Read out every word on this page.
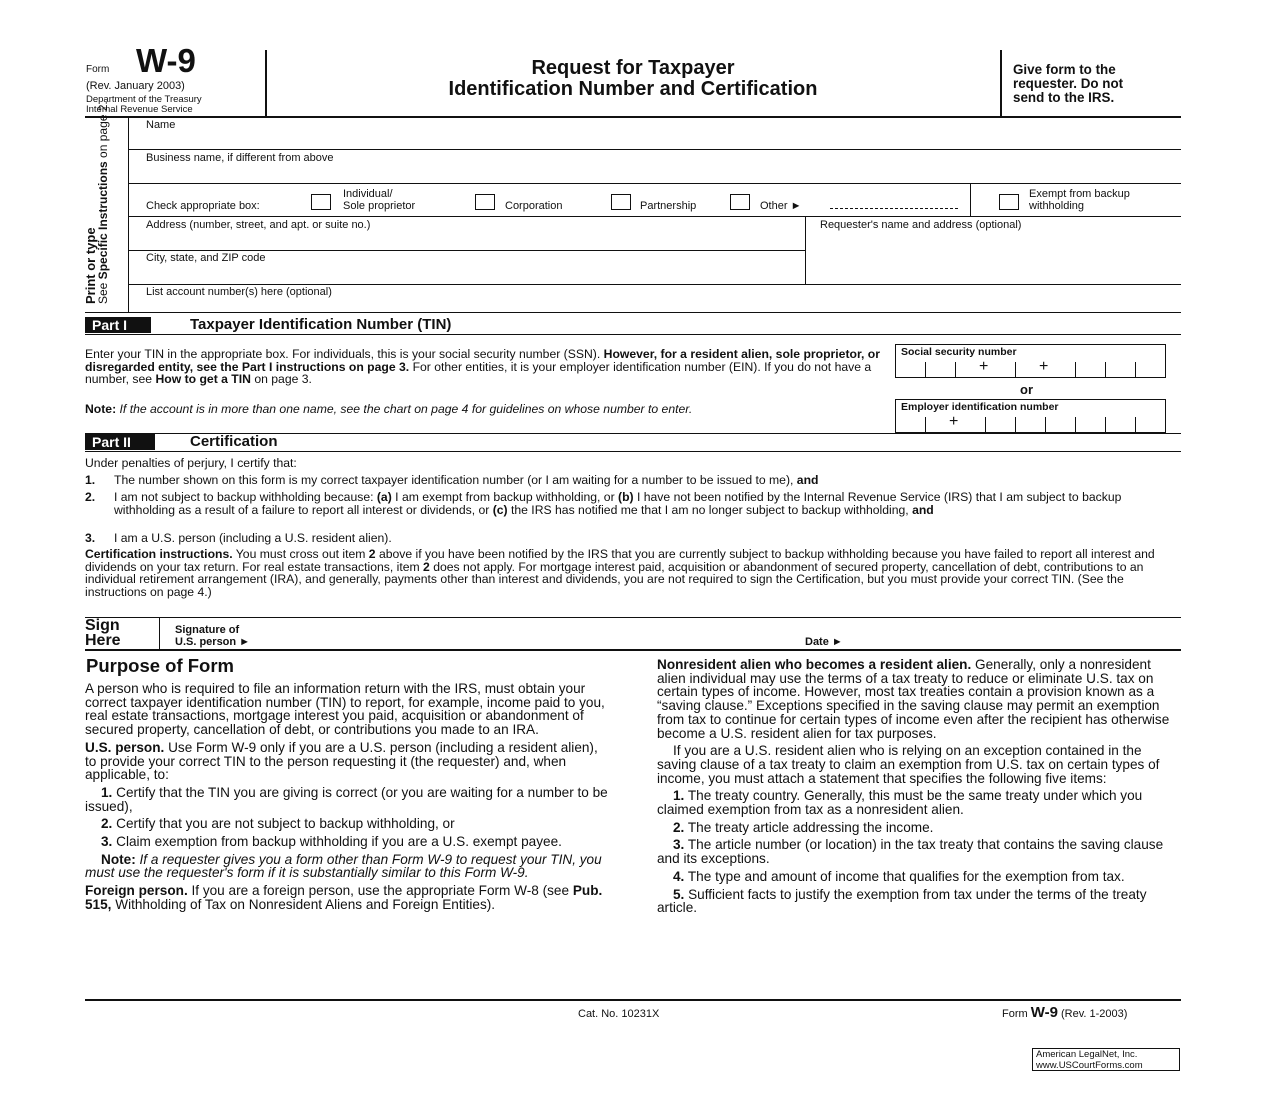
Form W-9
(Rev. January 2003)
Department of the Treasury
Internal Revenue Service
Request for Taxpayer
Identification Number and Certification
Give form to the
requester. Do not
send to the IRS.
Print or type
See Specific Instructions on page 2.	Name
Business name, if different from above
Check appropriate box:
Individual/
Sole proprietor	Corporation	Partnership	Other ►
Exempt from backup
withholding
Address (number, street, and apt. or suite no.)	Requester's name and address (optional)
City, state, and ZIP code
List account number(s) here (optional)
Part I	Taxpayer Identification Number (TIN)
Enter your TIN in the appropriate box. For individuals, this is your social security number (SSN). However, for a resident alien, sole proprietor, or disregarded entity, see the Part I instructions on page 3. For other entities, it is your employer identification number (EIN). If you do not have a number, see How to get a TIN on page 3.
Note: If the account is in more than one name, see the chart on page 4 for guidelines on whose number to enter.
Social security number
+	+
or
Employer identification number
+
Part II	Certification
Under penalties of perjury, I certify that:
1.	The number shown on this form is my correct taxpayer identification number (or I am waiting for a number to be issued to me), and
2.	I am not subject to backup withholding because: (a) I am exempt from backup withholding, or (b) I have not been notified by the Internal Revenue Service (IRS) that I am subject to backup withholding as a result of a failure to report all interest or dividends, or (c) the IRS has notified me that I am no longer subject to backup withholding, and
3.	I am a U.S. person (including a U.S. resident alien).
Certification instructions. You must cross out item 2 above if you have been notified by the IRS that you are currently subject to backup withholding because you have failed to report all interest and dividends on your tax return. For real estate transactions, item 2 does not apply. For mortgage interest paid, acquisition or abandonment of secured property, cancellation of debt, contributions to an individual retirement arrangement (IRA), and generally, payments other than interest and dividends, you are not required to sign the Certification, but you must provide your correct TIN. (See the instructions on page 4.)
Sign
Here
Signature of
U.S. person ►	Date ►
Purpose of Form

A person who is required to file an information return with the IRS, must obtain your correct taxpayer identification number (TIN) to report, for example, income paid to you, real estate transactions, mortgage interest you paid, acquisition or abandonment of secured property, cancellation of debt, or contributions you made to an IRA.

U.S. person. Use Form W-9 only if you are a U.S. person (including a resident alien), to provide your correct TIN to the person requesting it (the requester) and, when applicable, to:

1. Certify that the TIN you are giving is correct (or you are waiting for a number to be issued),

2. Certify that you are not subject to backup withholding, or

3. Claim exemption from backup withholding if you are a U.S. exempt payee.

Note: If a requester gives you a form other than Form W-9 to request your TIN, you must use the requester's form if it is substantially similar to this Form W-9.

Foreign person. If you are a foreign person, use the appropriate Form W-8 (see Pub. 515, Withholding of Tax on Nonresident Aliens and Foreign Entities).

Nonresident alien who becomes a resident alien. Generally, only a nonresident alien individual may use the terms of a tax treaty to reduce or eliminate U.S. tax on certain types of income. However, most tax treaties contain a provision known as a “saving clause.” Exceptions specified in the saving clause may permit an exemption from tax to continue for certain types of income even after the recipient has otherwise become a U.S. resident alien for tax purposes.

If you are a U.S. resident alien who is relying on an exception contained in the saving clause of a tax treaty to claim an exemption from U.S. tax on certain types of income, you must attach a statement that specifies the following five items:

1. The treaty country. Generally, this must be the same treaty under which you claimed exemption from tax as a nonresident alien.

2. The treaty article addressing the income.

3. The article number (or location) in the tax treaty that contains the saving clause and its exceptions.

4. The type and amount of income that qualifies for the exemption from tax.

5. Sufficient facts to justify the exemption from tax under the terms of the treaty article.

Cat. No. 10231X	Form W-9 (Rev. 1-2003)
American LegalNet, Inc.
www.USCourtForms.com
